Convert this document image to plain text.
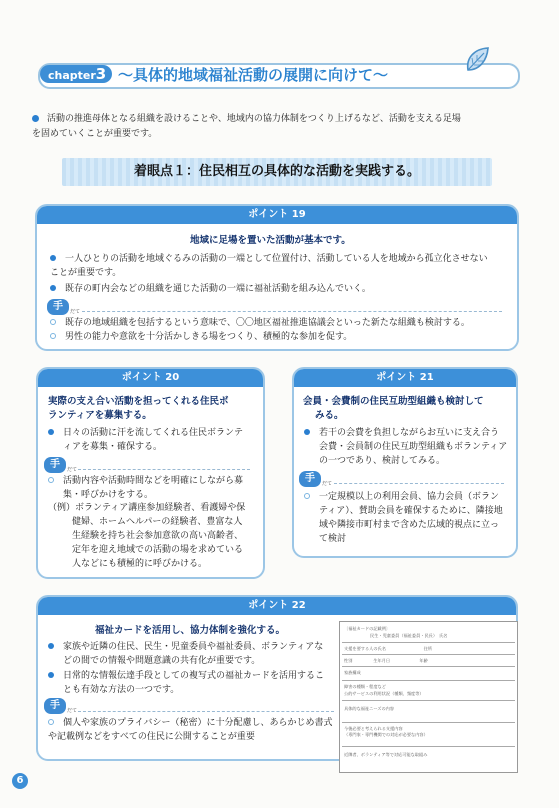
chapter3 ～具体的地域福祉活動の展開に向けて～
活動の推進母体となる組織を設けることや、地域内の協力体制をつくり上げるなど、活動を支える足場
を固めていくことが重要です。
着眼点１：住民相互の具体的な活動を実践する。
ポイント 19
地域に足場を置いた活動が基本です。
一人ひとりの活動を地域ぐるみの活動の一端として位置付け、活動している人を地域から孤立化させない
ことが重要です。
既存の町内会などの組織を通じた活動の一端に福祉活動を組み込んでいく。
手	だて
既存の地域組織を包括するという意味で、〇〇地区福祉推進協議会といった新たな組織も検討する。
男性の能力や意欲を十分活かしきる場をつくり、積極的な参加を促す。
ポイント 20
実際の支え合い活動を担ってくれる住民ボ
ランティアを募集する。
日々の活動に汗を流してくれる住民ボランテ
ィアを募集・確保する。
手	だて
活動内容や活動時間などを明確にしながら募
集・呼びかけをする。
（例）ボランティア講座参加経験者、看護婦や保
健婦、ホームヘルパーの経験者、豊富な人
生経験を持ち社会参加意欲の高い高齢者、
定年を迎え地域での活動の場を求めている
人などにも積極的に呼びかける。
ポイント 21
会員・会費制の住民互助型組織も検討して
みる。
若干の会費を負担しながらお互いに支え合う
会費・会員制の住民互助型組織もボランティア
の一つであり、検討してみる。
手	だて
一定規模以上の利用会員、協力会員（ボラン
ティア）、賛助会員を確保するために、隣接地
域や隣接市町村まで含めた広域的視点に立っ
て検討
ポイント 22
福祉カードを活用し、協力体制を強化する。
家族や近隣の住民、民生・児童委員や福祉委員、ボランティアな
どの間での情報や問題意識の共有化が重要です。
日常的な情報伝達手段としての複写式の福祉カードを活用するこ
とも有効な方法の一つです。
手	だて
個人や家族のプライバシー（秘密）に十分配慮し、あらかじめ書式
や記載例などをすべての住民に公開することが重要
〔福祉カードの記載例〕
民生・児童委員（福祉委員・民長）　氏名
支援を要する人の氏名　　　　　　　　　住所
性別　　　　　生年月日　　　　　　　年齢
家族構成
障害の種類・程度など
公的サービスの利用状況（種類、頻度等）
具体的な福祉ニーズの内容
今後必要と考えられる支援内容
（専門家・専門機関での対応が必要な内容）
近隣者、ボランティア等で対応可能な取組み
6
